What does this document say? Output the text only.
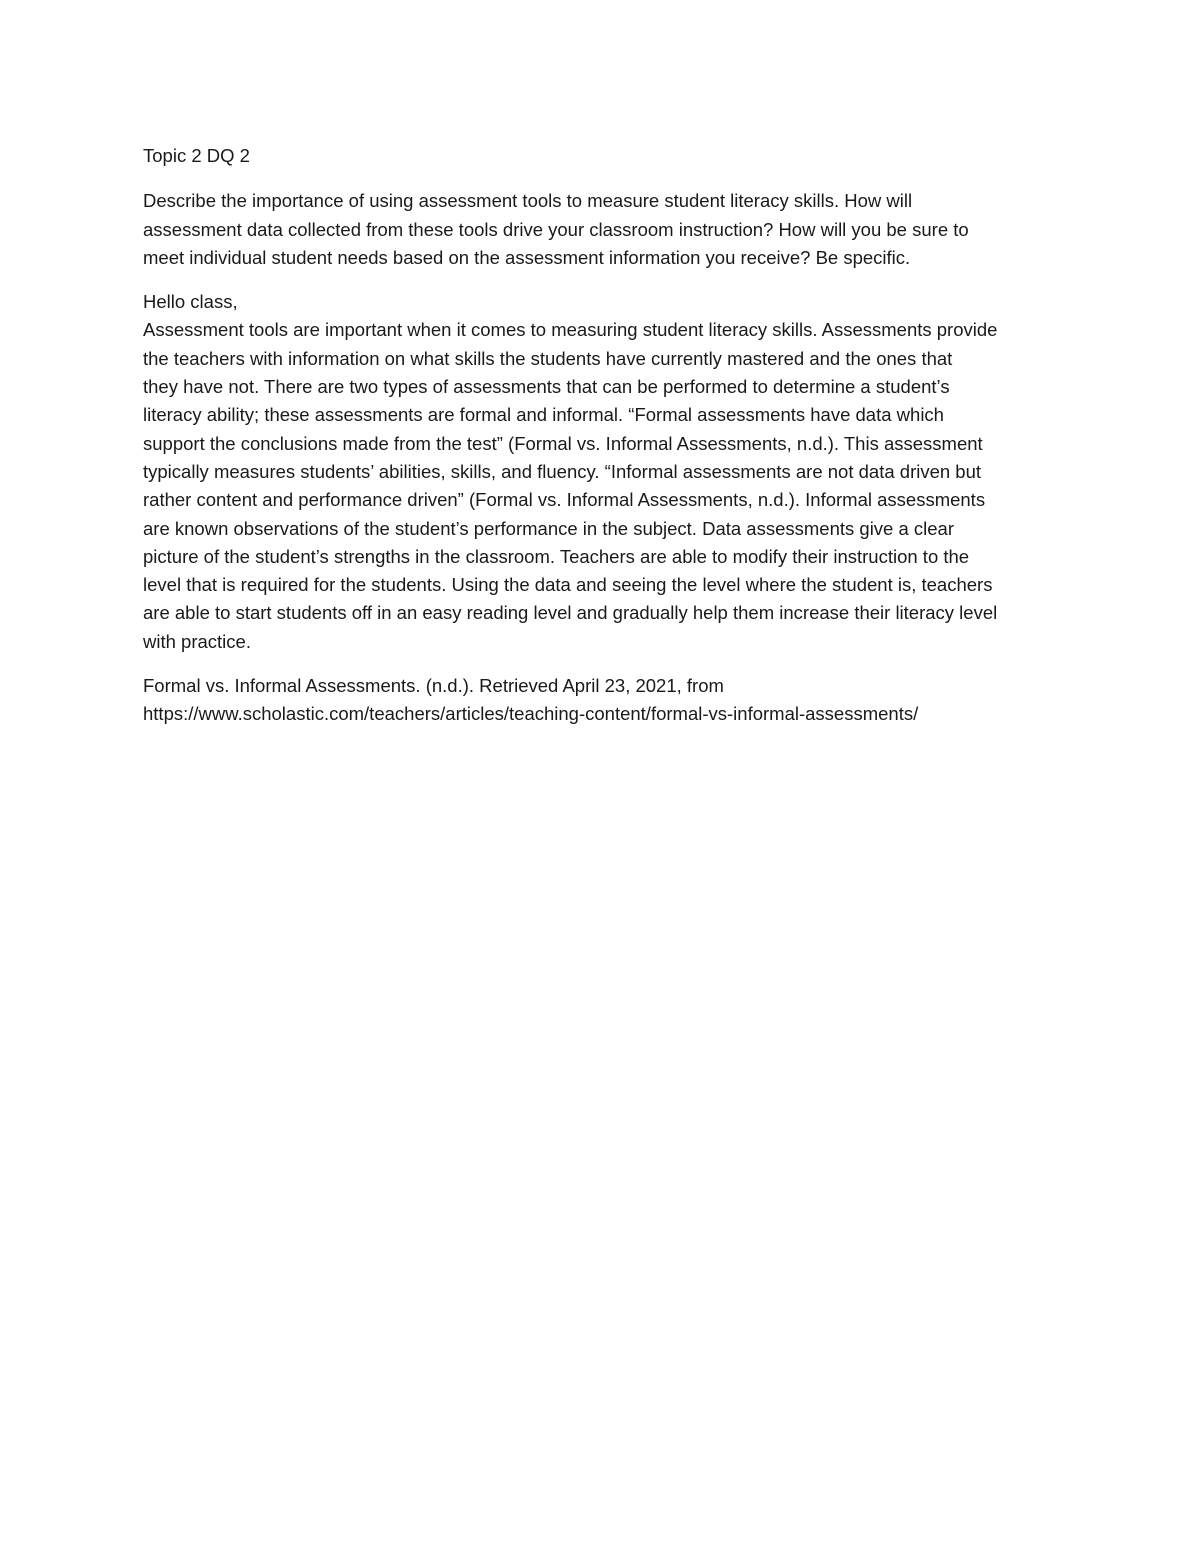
Topic 2 DQ 2

Describe the importance of using assessment tools to measure student literacy skills. How will
assessment data collected from these tools drive your classroom instruction? How will you be sure to
meet individual student needs based on the assessment information you receive? Be specific.

Hello class,
Assessment tools are important when it comes to measuring student literacy skills. Assessments provide
the teachers with information on what skills the students have currently mastered and the ones that
they have not. There are two types of assessments that can be performed to determine a student’s
literacy ability; these assessments are formal and informal. “Formal assessments have data which
support the conclusions made from the test” (Formal vs. Informal Assessments, n.d.). This assessment
typically measures students’ abilities, skills, and fluency. “Informal assessments are not data driven but
rather content and performance driven” (Formal vs. Informal Assessments, n.d.). Informal assessments
are known observations of the student’s performance in the subject. Data assessments give a clear
picture of the student’s strengths in the classroom. Teachers are able to modify their instruction to the
level that is required for the students. Using the data and seeing the level where the student is, teachers
are able to start students off in an easy reading level and gradually help them increase their literacy level
with practice.

Formal vs. Informal Assessments. (n.d.). Retrieved April 23, 2021, from
https://www.scholastic.com/teachers/articles/teaching-content/formal-vs-informal-assessments/
